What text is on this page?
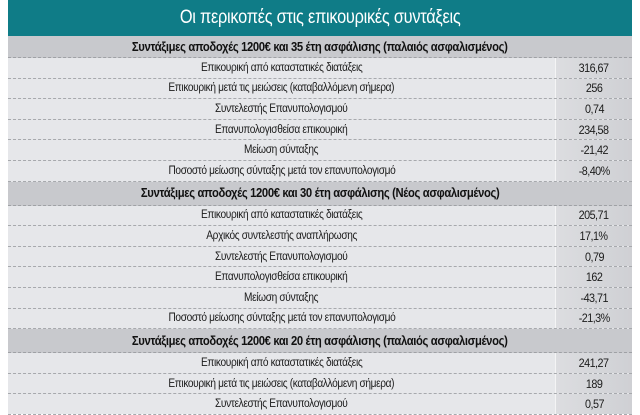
Οι περικοπές στις επικουρικές συντάξεις
Συντάξιμες αποδοχές 1200€ και 35 έτη ασφάλισης (παλαιός ασφαλισμένος)
Επικουρική από καταστατικές διατάξεις	316,67
Επικουρική μετά τις μειώσεις (καταβαλλόμενη σήμερα)	256
Συντελεστής Επανυπολογισμού	0,74
Επανυπολογισθείσα επικουρική	234,58
Μείωση σύνταξης	-21,42
Ποσοστό μείωσης σύνταξης μετά τον επανυπολογισμό	-8,40%
Συντάξιμες αποδοχές 1200€ και 30 έτη ασφάλισης (Νέος ασφαλισμένος)
Επικουρική από καταστατικές διατάξεις	205,71
Αρχικός συντελεστής αναπλήρωσης	17,1%
Συντελεστής Επανυπολογισμού	0,79
Επανυπολογισθείσα επικουρική	162
Μείωση σύνταξης	-43,71
Ποσοστό μείωσης σύνταξης μετά τον επανυπολογισμό	-21,3%
Συντάξιμες αποδοχές 1200€ και 20 έτη ασφάλισης (παλαιός ασφαλισμένος)
Επικουρική από καταστατικές διατάξεις	241,27
Επικουρική μετά τις μειώσεις (καταβαλλόμενη σήμερα)	189
Συντελεστής Επανυπολογισμού	0,57
